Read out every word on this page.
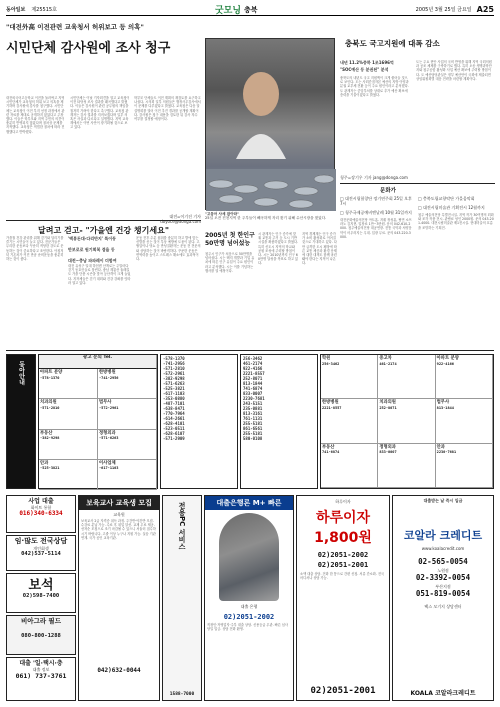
동아일보 제25515호	굿모닝 충북	2005년 3월 25일 금요일 A25
"대전外高 이전관련 교육청서 허위보고 등 의혹"
시민단체 감사원에 조사 청구
대전외국어고등학교 이전을 둘러싸고 지역 시민단체가 교육청의 허위 보고 의혹을 제기하며 감사원에 감사를 청구했다. 시민단체는 교육청이 이전 부지 선정 과정에서 관련 자료를 제대로 공개하지 않았다고 주장했다. 이들은 학부모와 지역 주민의 의견이 충분히 반영되지 않았다며 절차상 문제를 지적했다. 교육청은 적법한 절차에 따라 진행했다고 반박했다.
시민단체는 이날 기자회견을 열고 교육청이 이전 타당성 조사 결과를 왜곡했다고 밝혔다. 이들은 감사원이 관련 공무원의 책임을 철저히 가려야 한다고 촉구했다. 교육청 관계자는 감사 결과를 지켜보겠다며 일부 의혹은 사실과 다르다고 설명했다. 지역 교육계에서는 이번 사안이 장기화될 것으로 보고 있다.
학부모 단체들도 이전 계획의 재검토를 요구하고 나섰다. 시의회 일부 의원들은 행정사무감사에서 이 문제를 다루겠다고 밝혔다. 교육청은 다음 달 설명회를 열어 이전 추진 경과를 공개할 계획이다. 감사원은 청구 내용을 검토한 뒤 감사 착수 여부를 결정할 예정이다.
대전=이기진 기자 doyoce@donga.com
충북도 국고지원에 대폭 감소
내년 11.2%증하 1조1696억
"SOC예산 등 분권된" 분석
충북도의 내년도 국고 지원액이 크게 줄어들 것으로 보인다. 도는 사회간접자본 예산의 지방 이양과 분권 교부세 전환 등이 주요 원인이라고 분석했다. 도 관계자는 중앙부처를 상대로 추가 예산 확보에 총력을 기울이겠다고 밝혔다.
도는 주요 현안 사업의 국비 반영을 위해 지역 국회의원과 공조 체제를 구축하기로 했다. 특히 오송 생명과학단지와 청주공항 활성화 사업 예산 확보에 주력할 방침이다. 도 예산담당관실은 정부 예산안이 국회에 제출되면 상임위원회별 대응 전략을 마련할 계획이다.
청주=장기우 기자 jang@donga.com
문화가
□ 대전시립합창단 정기연주회 25일 오후 7시
□ 청주국제공예비엔날레 10월 31일까지
대전문화예술의전당 아트홀. 지휘 정성훈, 협연 소프라노 김지현. 입장료 1만~3만원. 문의 042-610-2000. 청주예술의전당 대공연장. 전통 국악과 서양음악이 어우러지는 무대. 입장 무료. 문의 043-220-3000.
□ 충북도립교향악단 가을음악회
□ 대전시립미술관 기획전시 12월까지
청주 예술의전당 특별전시실. 지역 작가 30여명의 회화와 조각 작품 전시. 관람료 성인 2000원. 문의 043-201-4000. 대전시립미술관 제1전시실. 현대미술의 흐름을 조망하는 기획전.
"고등어 사세 잡아라"
25일 오전 진천지역 한 주부들이 빼곡하게 자리 찾기 위해 수산시장을 찾았다.
달려고 걷고- "가을엔 건강 챙기세요"
가을철 건강 관리를 위해 걷기와 달리기를 즐기는 시민들이 늘고 있다. 전문가들은 무리한 운동보다 꾸준히 적당한 강도로 운동하는 것이 중요하다고 조언한다. 아침저녁 기온차가 커진 만큼 준비운동을 충분히 하는 것이 좋다.
'백봉돈대-다리만지' 특이동
만보로로 원기회복 겸을 등
대전~충남 파파레이 더합여
대전 유성구 일대 하천변 산책로는 주말마다 걷기 동호인들로 붐빈다. 충남 계룡산 둘레길도 가을 단풍 시즌을 맞아 등산객이 크게 늘었다. 지자체들은 걷기 대회와 건강 강좌를 잇따라 열고 있다.
운동 전후 수분 섭취를 충분히 하고 발에 맞는 신발을 신는 것이 부상 예방에 도움이 된다. 고혈압이나 당뇨 등 만성질환자는 운동 전 전문의와 상담하는 것이 바람직하다. 꾸준한 운동은 면역력을 높이고 스트레스 해소에도 효과적이다.
2005년 첫 한인구
50만명 넘어섰능
청주시 인구가 처음으로 50만명을 넘어섰다. 시는 택지 개발과 기업 유치에 따른 인구 유입이 주요 원인이라고 분석했다. 시는 이를 기념하는 행사를 열 예정이다.
시 관계자는 인구 증가에 맞춰 교통과 주거 등 도시 기반 시설을 확충하겠다고 밝혔다. 특히 신도시 지역의 학교와 공원 조성에 주력할 방침이다. 시는 2010년까지 인구 60만명 달성을 목표로 하고 있다.
지역 경제계는 인구 증가가 소비 활성화로 이어질 것으로 기대하고 있다. 다만 급격한 도시 팽창에 따른 교통 체증과 환경 문제에 대한 대책도 함께 마련돼야 한다는 지적이 나온다.
동아안내
광고 문의 Tel.
아파트 분양
-578-1370
한방병원
-741-2956
치과의원
-571-2810
법무사
-572-2961
부동산
-382-9298
정형외과
-571-6263
안과
-525-3821
이사업체
-617-1103
-578-1370
-741-2956
-571-2810
-572-2961
-382-9298
-571-6263
-525-3821
-617-1103
-353-0880
-487-7101
-638-8471
-770-7964
-614-2661
-628-4101
-523-0511
-628-6107
-571-2909
256-3462
461-2174
922-4166
2221-8557
252-8071
813-1844
741-6874
833-0007
2230-7681
243-5151
235-0881
813-3161
761-1131
255-5181
861-6561
255-5181
580-0108
학원
256-3462
중고차
461-2174
아파트 분양
922-4166
한방병원
2221-8557
치과의원
252-8071
법무사
813-1844
부동산
741-6874
정형외과
833-0007
안과
2230-7681
사업 대출
화이트 통합
016)340-6334
임·많도 전국상담
개인회생
042)537-5114
보석
02)598-7400
비아그라 필드
080-800-1288
대출 '일·택시·충
대출 정보
061) 737-3761
보육교사 교육생 모집
교육원
보육교사 2급 자격증 취득 과정. 주간반·야간반 모집. 수강료 분납 가능. 수료 후 취업 알선. 교재 무료 제공. 선착순 모집으로 조기 마감될 수 있으니 서둘러 접수하시기 바랍니다. 고졸 이상 누구나 지원 가능. 실습 기관 연계. 국가 공인 교육기관.
042)632-0044
전용PC 서비스
1588-7000
대출은행론 M+ 빠른
대출 은행
02)2051-2002
직장인·자영업자·주부 대출 상담. 신용등급 무관. 빠른 심사 당일 입금. 상담 전화 환영.
하루이자
하루이자 1,800원
02)2051-2002
02)2051-2001
소액 대출 상담. 전화 한 통으로 간편 신청. 서류 간소화. 전국 어디서나 상담 가능.
02)2051-2001
대출받는 날 즉시 입금
코알라 크레디트
www.koalacredit.com
02-565-0054
노원점
02-3392-0054
부산지점
051-819-0054
팩스 모기지 상담센터
KOALA 코알라크레디트
